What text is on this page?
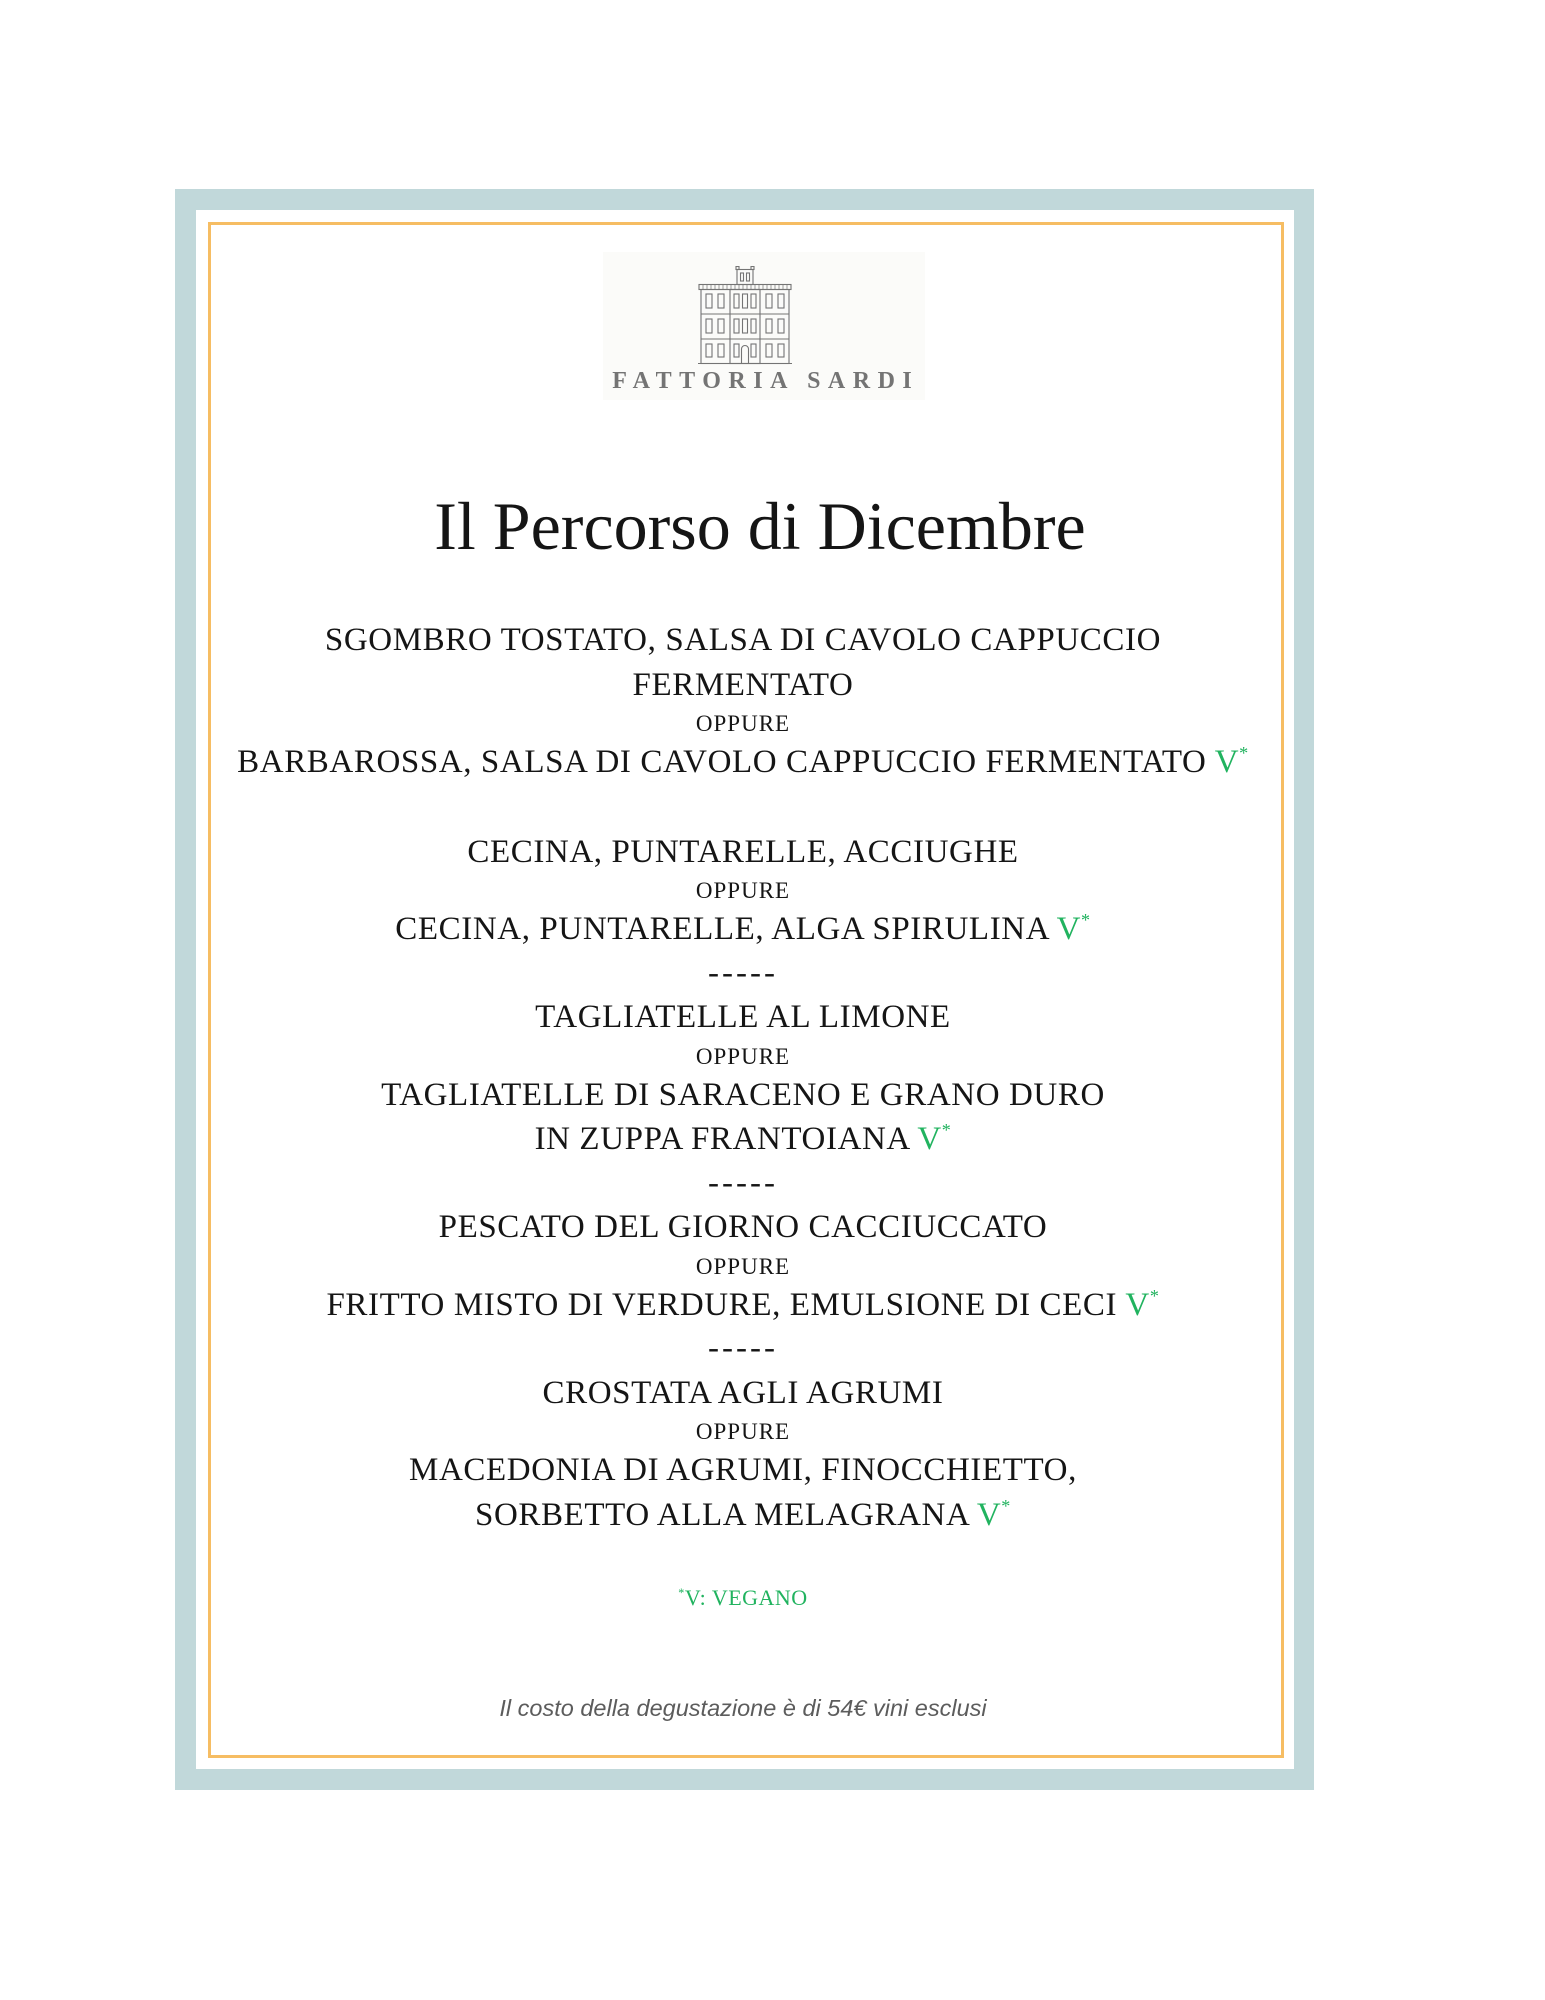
FATTORIA SARDI
Il Percorso di Dicembre
SGOMBRO TOSTATO, SALSA DI CAVOLO CAPPUCCIO
FERMENTATO
OPPURE
BARBAROSSA, SALSA DI CAVOLO CAPPUCCIO FERMENTATO V*
CECINA, PUNTARELLE, ACCIUGHE
OPPURE
CECINA, PUNTARELLE, ALGA SPIRULINA V*
-----
TAGLIATELLE AL LIMONE
OPPURE
TAGLIATELLE DI SARACENO E GRANO DURO
IN ZUPPA FRANTOIANA V*
-----
PESCATO DEL GIORNO CACCIUCCATO
OPPURE
FRITTO MISTO DI VERDURE, EMULSIONE DI CECI V*
-----
CROSTATA AGLI AGRUMI
OPPURE
MACEDONIA DI AGRUMI, FINOCCHIETTO,
SORBETTO ALLA MELAGRANA V*
*V: VEGANO
Il costo della degustazione è di 54€ vini esclusi
